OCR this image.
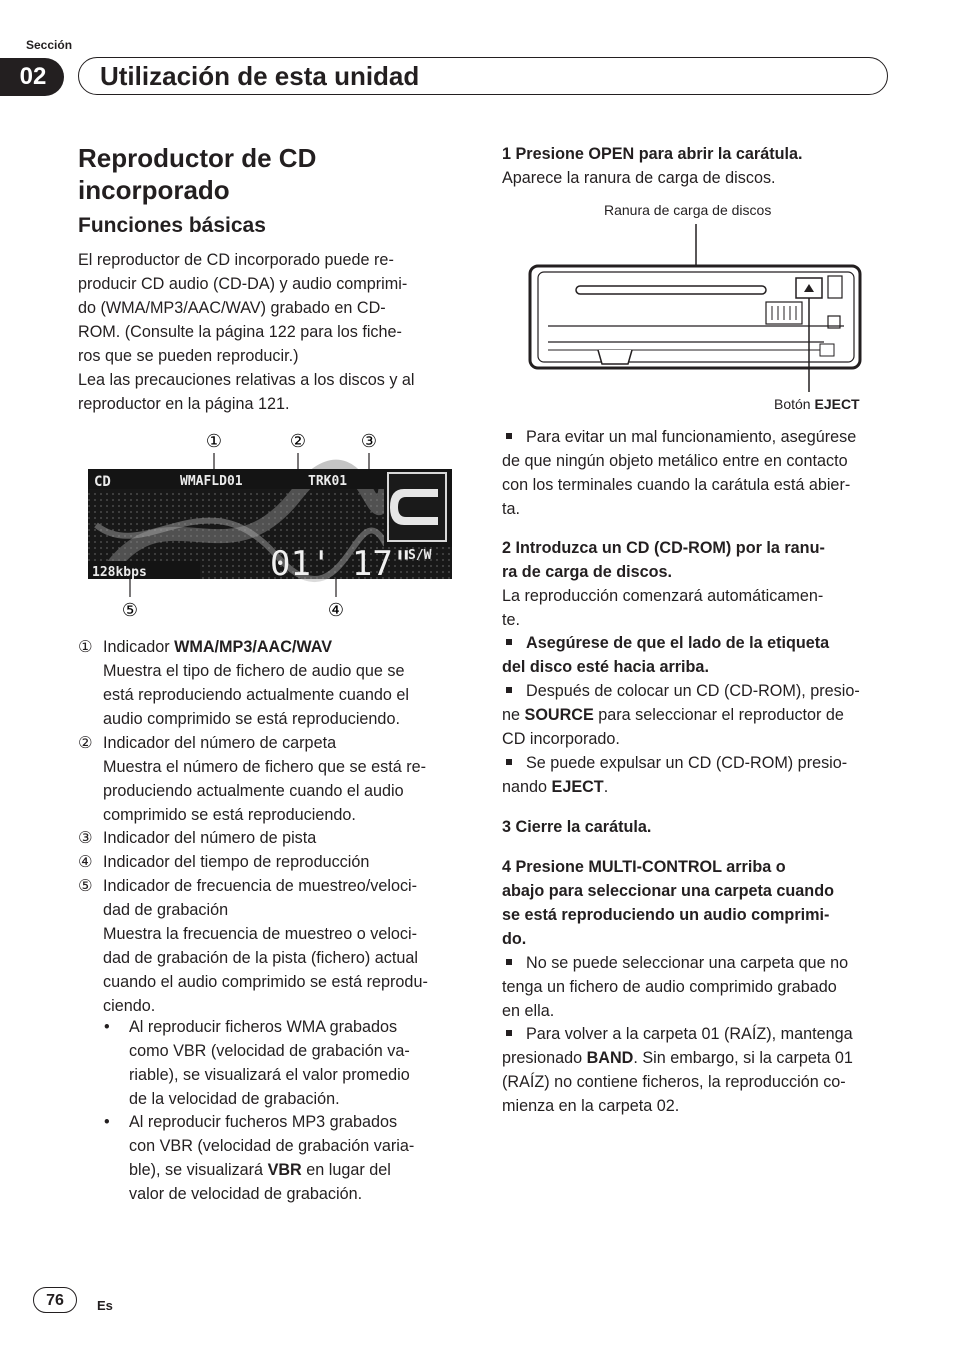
Sección
02	Utilización de esta unidad
Reproductor de CD
incorporado
Funciones básicas

El reproductor de CD incorporado puede re-

producir CD audio (CD-DA) y audio comprimi-

do (WMA/MP3/AAC/WAV) grabado en CD-

ROM. (Consulte la página 122 para los fiche-

ros que se pueden reproducir.)

Lea las precauciones relativas a los discos y al

reproductor en la página 121.

①	②	③
CD	WMAFLD01	TRK01
01' 17"
S/W
128kbps
⑤	④
① Indicador WMA/MP3/AAC/WAV

Muestra el tipo de fichero de audio que se

está reproduciendo actualmente cuando el

audio comprimido se está reproduciendo.

② Indicador del número de carpeta

Muestra el número de fichero que se está re-

produciendo actualmente cuando el audio

comprimido se está reproduciendo.

③ Indicador del número de pista

④ Indicador del tiempo de reproducción

⑤ Indicador de frecuencia de muestreo/veloci-

dad de grabación

Muestra la frecuencia de muestreo o veloci-

dad de grabación de la pista (fichero) actual

cuando el audio comprimido se está reprodu-

ciendo.

• Al reproducir ficheros WMA grabados

como VBR (velocidad de grabación va-

riable), se visualizará el valor promedio

de la velocidad de grabación.

• Al reproducir fucheros MP3 grabados

con VBR (velocidad de grabación varia-

ble), se visualizará VBR en lugar del

valor de velocidad de grabación.

1 Presione OPEN para abrir la carátula.

Aparece la ranura de carga de discos.

Ranura de carga de discos
Botón EJECT

Para evitar un mal funcionamiento, asegúrese

de que ningún objeto metálico entre en contacto

con los terminales cuando la carátula está abier-

ta.

2 Introduzca un CD (CD-ROM) por la ranu-

ra de carga de discos.

La reproducción comenzará automáticamen-

te.

Asegúrese de que el lado de la etiqueta

del disco esté hacia arriba.

Después de colocar un CD (CD-ROM), presio-

ne SOURCE para seleccionar el reproductor de

CD incorporado.

Se puede expulsar un CD (CD-ROM) presio-

nando EJECT.

3 Cierre la carátula.

4 Presione MULTI-CONTROL arriba o

abajo para seleccionar una carpeta cuando

se está reproduciendo un audio comprimi-

do.

No se puede seleccionar una carpeta que no

tenga un fichero de audio comprimido grabado

en ella.

Para volver a la carpeta 01 (RAÍZ), mantenga

presionado BAND. Sin embargo, si la carpeta 01

(RAÍZ) no contiene ficheros, la reproducción co-

mienza en la carpeta 02.

76	Es
